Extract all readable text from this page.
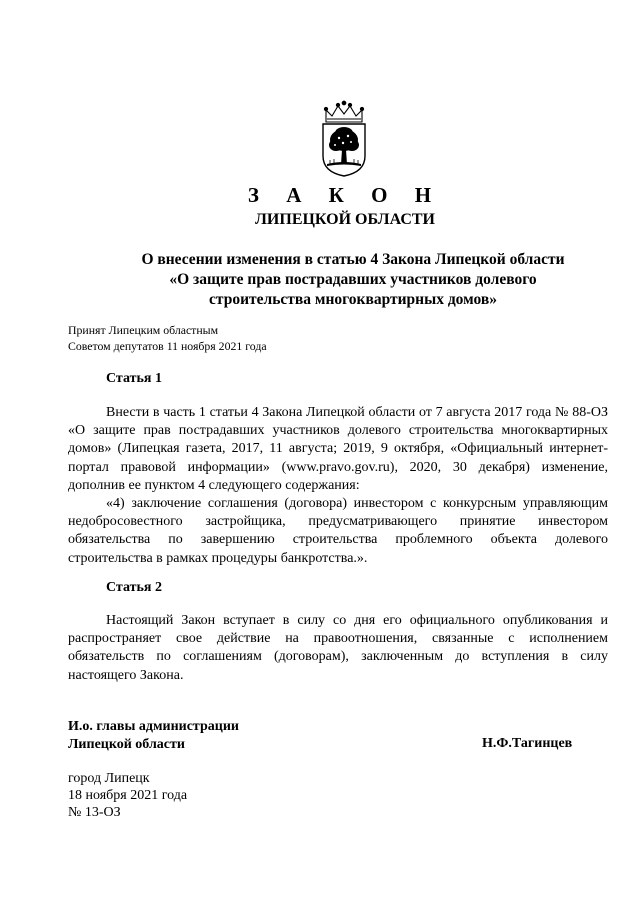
З А К О Н
ЛИПЕЦКОЙ ОБЛАСТИ
О внесении изменения в статью 4 Закона Липецкой области
«О защите прав пострадавших участников долевого
строительства многоквартирных домов»
Принят Липецким областным
Советом депутатов 11 ноября 2021 года
Статья 1

Внести в часть 1 статьи 4 Закона Липецкой области от 7 августа 2017 года № 88-ОЗ «О защите прав пострадавших участников долевого строительства многоквартирных домов» (Липецкая газета, 2017, 11 августа; 2019, 9 октября, «Официальный интернет-портал правовой информации» (www.pravo.gov.ru), 2020, 30 декабря) изменение, дополнив ее пунктом 4 следующего содержания:

«4) заключение соглашения (договора) инвестором с конкурсным управляющим недобросовестного застройщика, предусматривающего принятие инвестором обязательства по завершению строительства проблемного объекта долевого строительства в рамках процедуры банкротства.».

Статья 2

Настоящий Закон вступает в силу со дня его официального опубликования и распространяет свое действие на правоотношения, связанные с исполнением обязательств по соглашениям (договорам), заключенным до вступления в силу настоящего Закона.

И.о. главы администрации
Липецкой области	Н.Ф.Тагинцев
город Липецк
18 ноября 2021 года
№ 13-ОЗ
